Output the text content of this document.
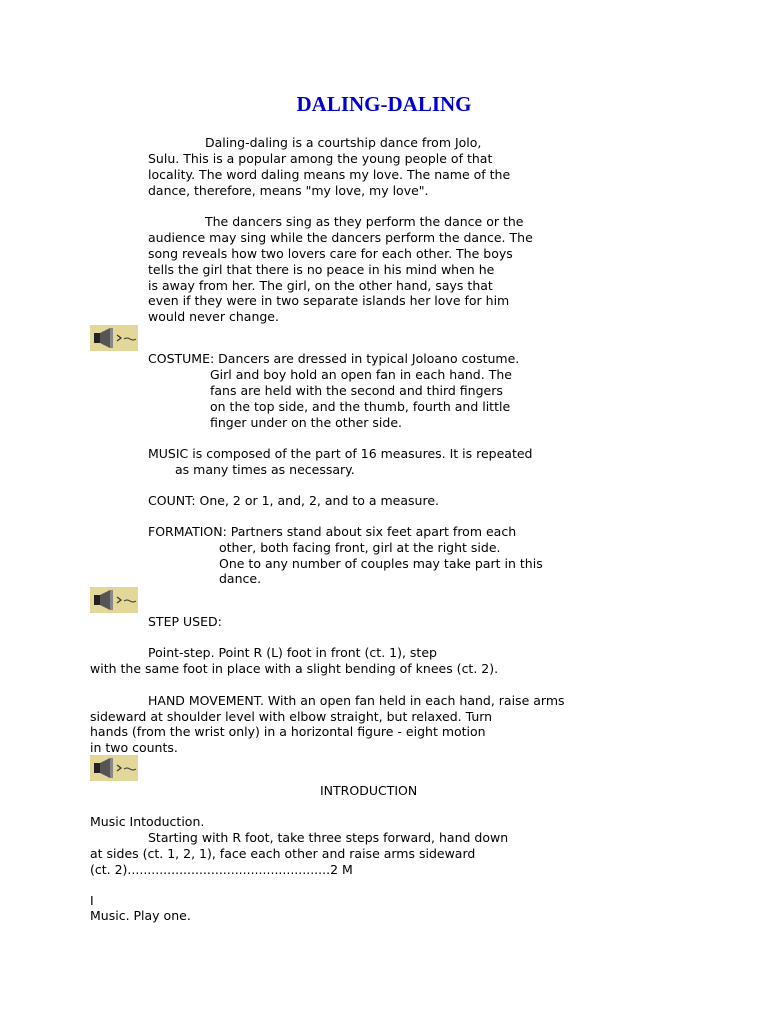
DALING-DALING

Daling-daling is a courtship dance from Jolo,

Sulu. This is a popular among the young people of that

locality. The word daling means my love. The name of the

dance, therefore, means "my love, my love".

The dancers sing as they perform the dance or the

audience may sing while the dancers perform the dance. The

song reveals how two lovers care for each other. The boys

tells the girl that there is no peace in his mind when he

is away from her. The girl, on the other hand, says that

even if they were in two separate islands her love for him

would never change.

COSTUME: Dancers are dressed in typical Joloano costume.

Girl and boy hold an open fan in each hand. The

fans are held with the second and third fingers

on the top side, and the thumb, fourth and little

finger under on the other side.

MUSIC is composed of the part of 16 measures. It is repeated

as many times as necessary.

COUNT: One, 2 or 1, and, 2, and to a measure.

FORMATION: Partners stand about six feet apart from each

other, both facing front, girl at the right side.

One to any number of couples may take part in this

dance.

STEP USED:

Point-step. Point R (L) foot in front (ct. 1), step

with the same foot in place with a slight bending of knees (ct. 2).

HAND MOVEMENT. With an open fan held in each hand, raise arms

sideward at shoulder level with elbow straight, but relaxed. Turn

hands (from the wrist only) in a horizontal figure - eight motion

in two counts.

INTRODUCTION

Music Intoduction.

Starting with R foot, take three steps forward, hand down

at sides (ct. 1, 2, 1), face each other and raise arms sideward

(ct. 2)...................................................2 M

I

Music. Play one.
